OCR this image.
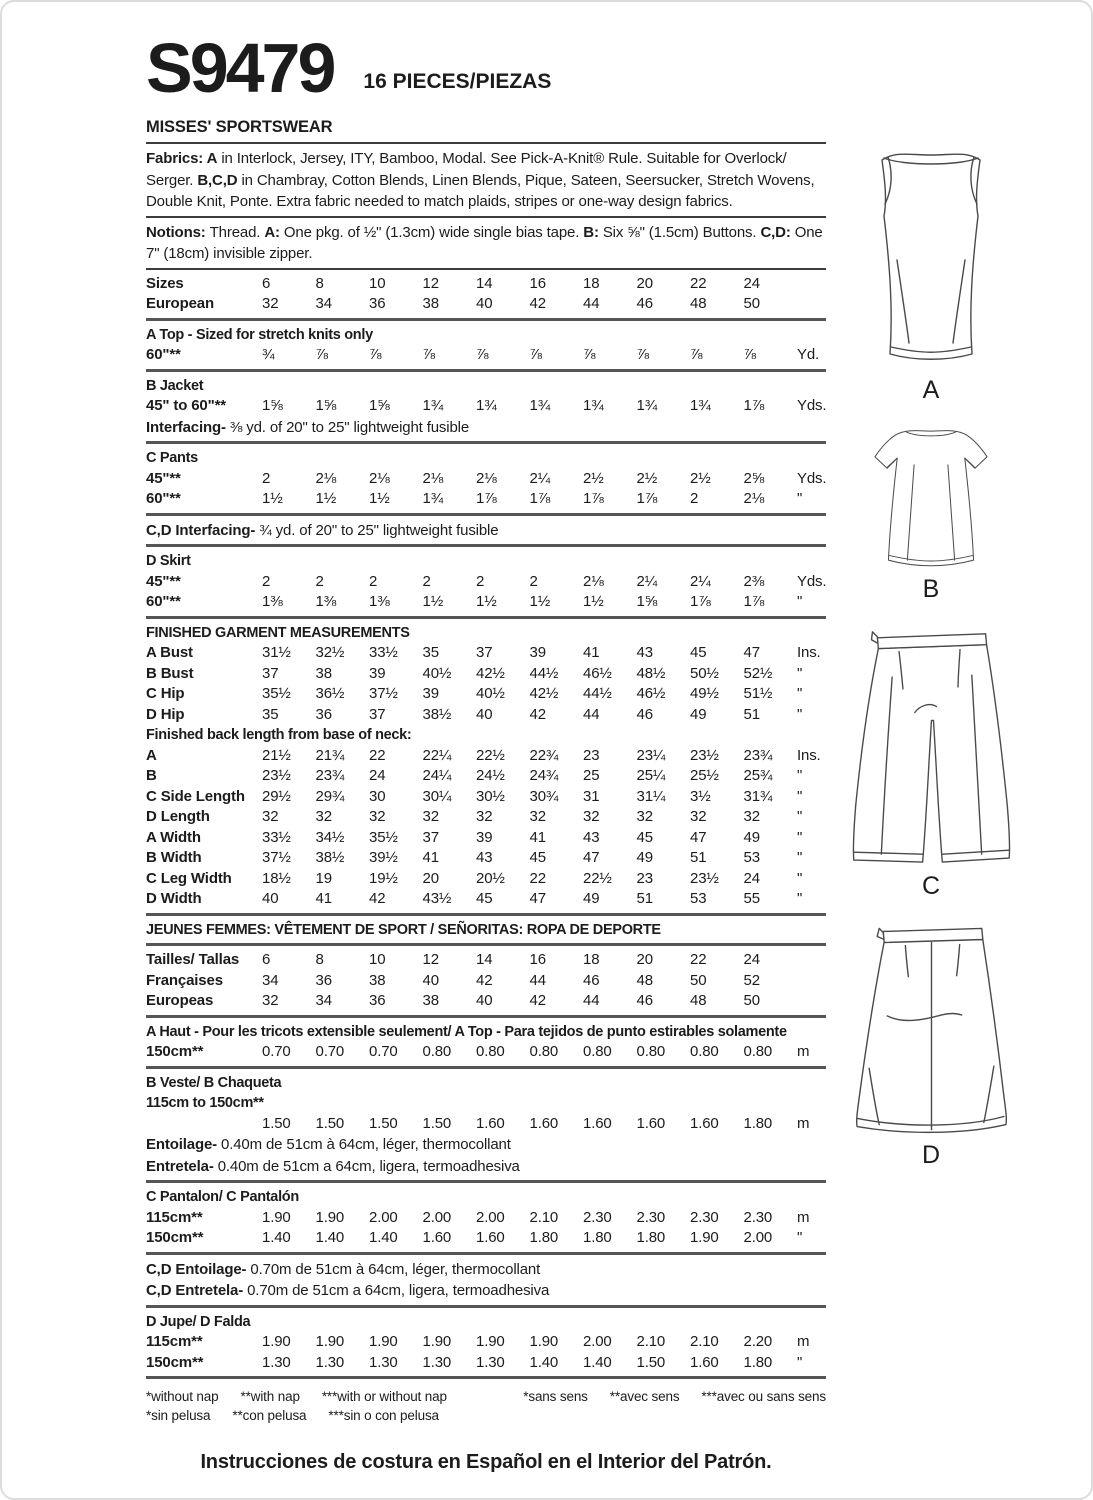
S9479 16 PIECES/PIEZAS
MISSES' SPORTSWEAR
Fabrics: A in Interlock, Jersey, ITY, Bamboo, Modal. See Pick-A-Knit® Rule. Suitable for Overlock/ Serger. B,C,D in Chambray, Cotton Blends, Linen Blends, Pique, Sateen, Seersucker, Stretch Wovens, Double Knit, Ponte. Extra fabric needed to match plaids, stripes or one-way design fabrics.
Notions: Thread. A: One pkg. of ½" (1.3cm) wide single bias tape. B: Six ⅝" (1.5cm) Buttons. C,D: One 7" (18cm) invisible zipper.
Sizes	6	8	10	12	14	16	18	20	22	24
European	32	34	36	38	40	42	44	46	48	50
A Top - Sized for stretch knits only
60"**	¾	⅞	⅞	⅞	⅞	⅞	⅞	⅞	⅞	⅞	Yd.
B Jacket
45" to 60"**	1⅝	1⅝	1⅝	1¾	1¾	1¾	1¾	1¾	1¾	1⅞	Yds.
Interfacing- ⅜ yd. of 20" to 25" lightweight fusible
C Pants
45"**	2	2⅛	2⅛	2⅛	2⅛	2¼	2½	2½	2½	2⅝	Yds.
60"**	1½	1½	1½	1¾	1⅞	1⅞	1⅞	1⅞	2	2⅛	"
C,D Interfacing- ¾ yd. of 20" to 25" lightweight fusible
D Skirt
45"**	2	2	2	2	2	2	2⅛	2¼	2¼	2⅜	Yds.
60"**	1⅜	1⅜	1⅜	1½	1½	1½	1½	1⅝	1⅞	1⅞	"
FINISHED GARMENT MEASUREMENTS
A Bust	31½	32½	33½	35	37	39	41	43	45	47	Ins.
B Bust	37	38	39	40½	42½	44½	46½	48½	50½	52½	"
C Hip	35½	36½	37½	39	40½	42½	44½	46½	49½	51½	"
D Hip	35	36	37	38½	40	42	44	46	49	51	"
Finished back length from base of neck:
A	21½	21¾	22	22¼	22½	22¾	23	23¼	23½	23¾	Ins.
B	23½	23¾	24	24¼	24½	24¾	25	25¼	25½	25¾	"
C Side Length	29½	29¾	30	30¼	30½	30¾	31	31¼	3½	31¾	"
D Length	32	32	32	32	32	32	32	32	32	32	"
A Width	33½	34½	35½	37	39	41	43	45	47	49	"
B Width	37½	38½	39½	41	43	45	47	49	51	53	"
C Leg Width	18½	19	19½	20	20½	22	22½	23	23½	24	"
D Width	40	41	42	43½	45	47	49	51	53	55	"
JEUNES FEMMES: VÊTEMENT DE SPORT / SEÑORITAS: ROPA DE DEPORTE
Tailles/ Tallas	6	8	10	12	14	16	18	20	22	24
Françaises	34	36	38	40	42	44	46	48	50	52
Europeas	32	34	36	38	40	42	44	46	48	50
A Haut - Pour les tricots extensible seulement/ A Top - Para tejidos de punto estirables solamente
150cm**	0.70	0.70	0.70	0.80	0.80	0.80	0.80	0.80	0.80	0.80	m
B Veste/ B Chaqueta
115cm to 150cm**
1.50	1.50	1.50	1.50	1.60	1.60	1.60	1.60	1.60	1.80	m
Entoilage- 0.40m de 51cm à 64cm, léger, thermocollant
Entretela- 0.40m de 51cm a 64cm, ligera, termoadhesiva
C Pantalon/ C Pantalón
115cm**	1.90	1.90	2.00	2.00	2.00	2.10	2.30	2.30	2.30	2.30	m
150cm**	1.40	1.40	1.40	1.60	1.60	1.80	1.80	1.80	1.90	2.00	"
C,D Entoilage- 0.70m de 51cm à 64cm, léger, thermocollant
C,D Entretela- 0.70m de 51cm a 64cm, ligera, termoadhesiva
D Jupe/ D Falda
115cm**	1.90	1.90	1.90	1.90	1.90	1.90	2.00	2.10	2.10	2.20	m
150cm**	1.30	1.30	1.30	1.30	1.30	1.40	1.40	1.50	1.60	1.80	"
*without nap **with nap ***with or without nap	*sans sens **avec sens ***avec ou sans sens
*sin pelusa **con pelusa ***sin o con pelusa
Instrucciones de costura en Español en el Interior del Patrón.
A
B
C
D
